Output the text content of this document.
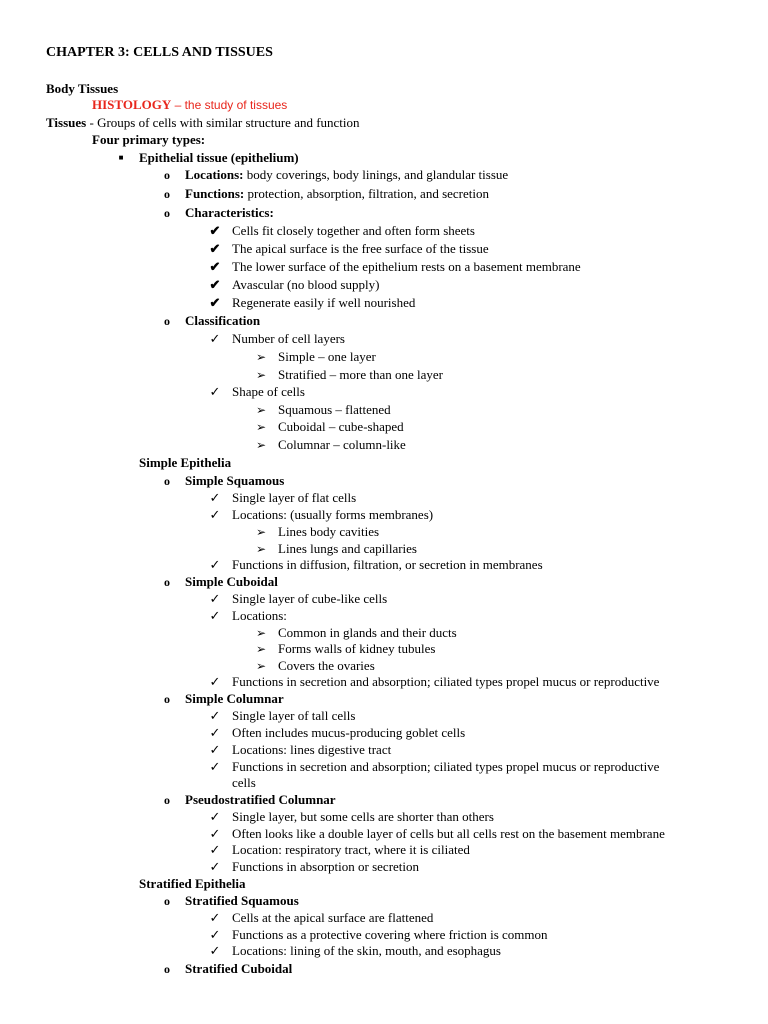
CHAPTER 3: CELLS AND TISSUES
Body Tissues
HISTOLOGY – the study of tissues
Tissues - Groups of cells with similar structure and function
Four primary types:
■ Epithelial tissue (epithelium)
o Locations: body coverings, body linings, and glandular tissue
o Functions: protection, absorption, filtration, and secretion
o Characteristics:
✔ Cells fit closely together and often form sheets
✔ The apical surface is the free surface of the tissue
✔ The lower surface of the epithelium rests on a basement membrane
✔ Avascular (no blood supply)
✔ Regenerate easily if well nourished
o Classification
✓ Number of cell layers
➢ Simple – one layer
➢ Stratified – more than one layer
✓ Shape of cells
➢ Squamous – flattened
➢ Cuboidal – cube-shaped
➢ Columnar – column-like
Simple Epithelia
o Simple Squamous
✓ Single layer of flat cells
✓ Locations: (usually forms membranes)
➢ Lines body cavities
➢ Lines lungs and capillaries
✓ Functions in diffusion, filtration, or secretion in membranes
o Simple Cuboidal
✓ Single layer of cube-like cells
✓ Locations:
➢ Common in glands and their ducts
➢ Forms walls of kidney tubules
➢ Covers the ovaries
✓ Functions in secretion and absorption; ciliated types propel mucus or reproductive
o Simple Columnar
✓ Single layer of tall cells
✓ Often includes mucus-producing goblet cells
✓ Locations: lines digestive tract
✓ Functions in secretion and absorption; ciliated types propel mucus or reproductive
cells
o Pseudostratified Columnar
✓ Single layer, but some cells are shorter than others
✓ Often looks like a double layer of cells but all cells rest on the basement membrane
✓ Location: respiratory tract, where it is ciliated
✓ Functions in absorption or secretion
Stratified Epithelia
o Stratified Squamous
✓ Cells at the apical surface are flattened
✓ Functions as a protective covering where friction is common
✓ Locations: lining of the skin, mouth, and esophagus
o Stratified Cuboidal
